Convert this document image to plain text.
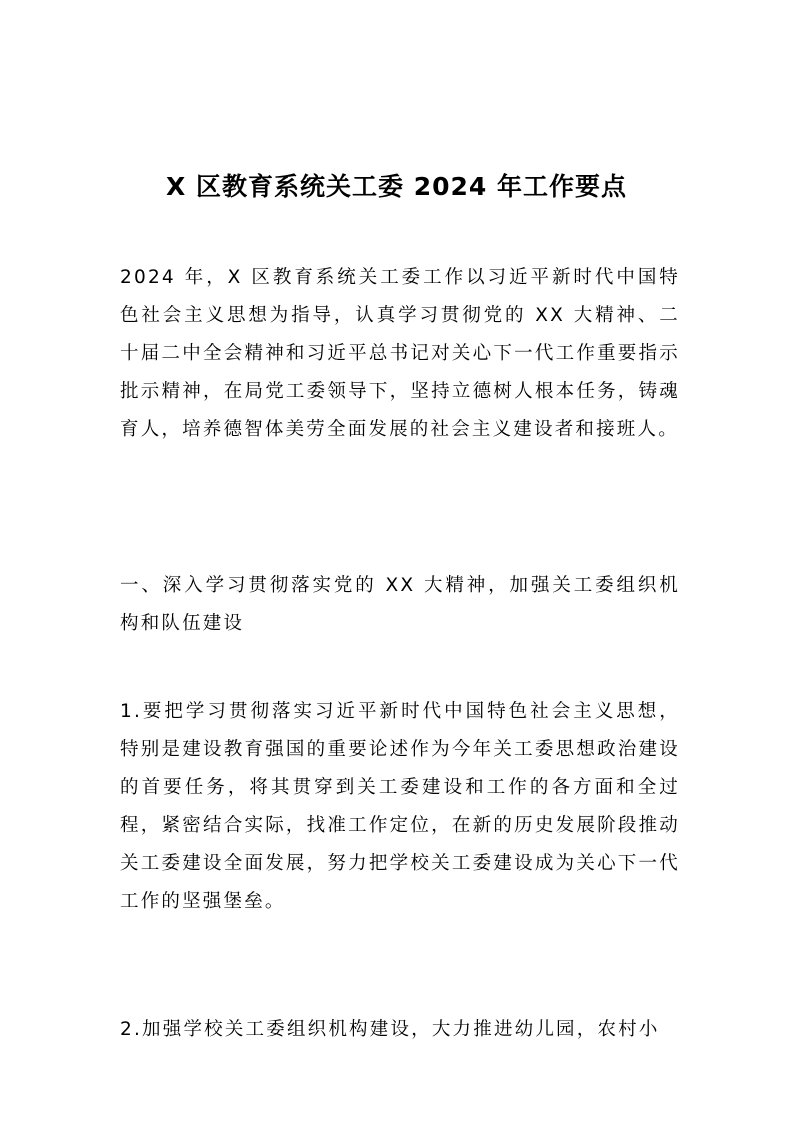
X 区教育系统关工委 2024 年工作要点

2024 年，X 区教育系统关工委工作以习近平新时代中国特色社会主义思想为指导，认真学习贯彻党的 XX 大精神、二十届二中全会精神和习近平总书记对关心下一代工作重要指示批示精神，在局党工委领导下，坚持立德树人根本任务，铸魂育人，培养德智体美劳全面发展的社会主义建设者和接班人。

一、深入学习贯彻落实党的 XX 大精神，加强关工委组织机构和队伍建设

1.要把学习贯彻落实习近平新时代中国特色社会主义思想，特别是建设教育强国的重要论述作为今年关工委思想政治建设的首要任务，将其贯穿到关工委建设和工作的各方面和全过程，紧密结合实际，找准工作定位，在新的历史发展阶段推动关工委建设全面发展，努力把学校关工委建设成为关心下一代工作的坚强堡垒。

2.加强学校关工委组织机构建设，大力推进幼儿园，农村小
